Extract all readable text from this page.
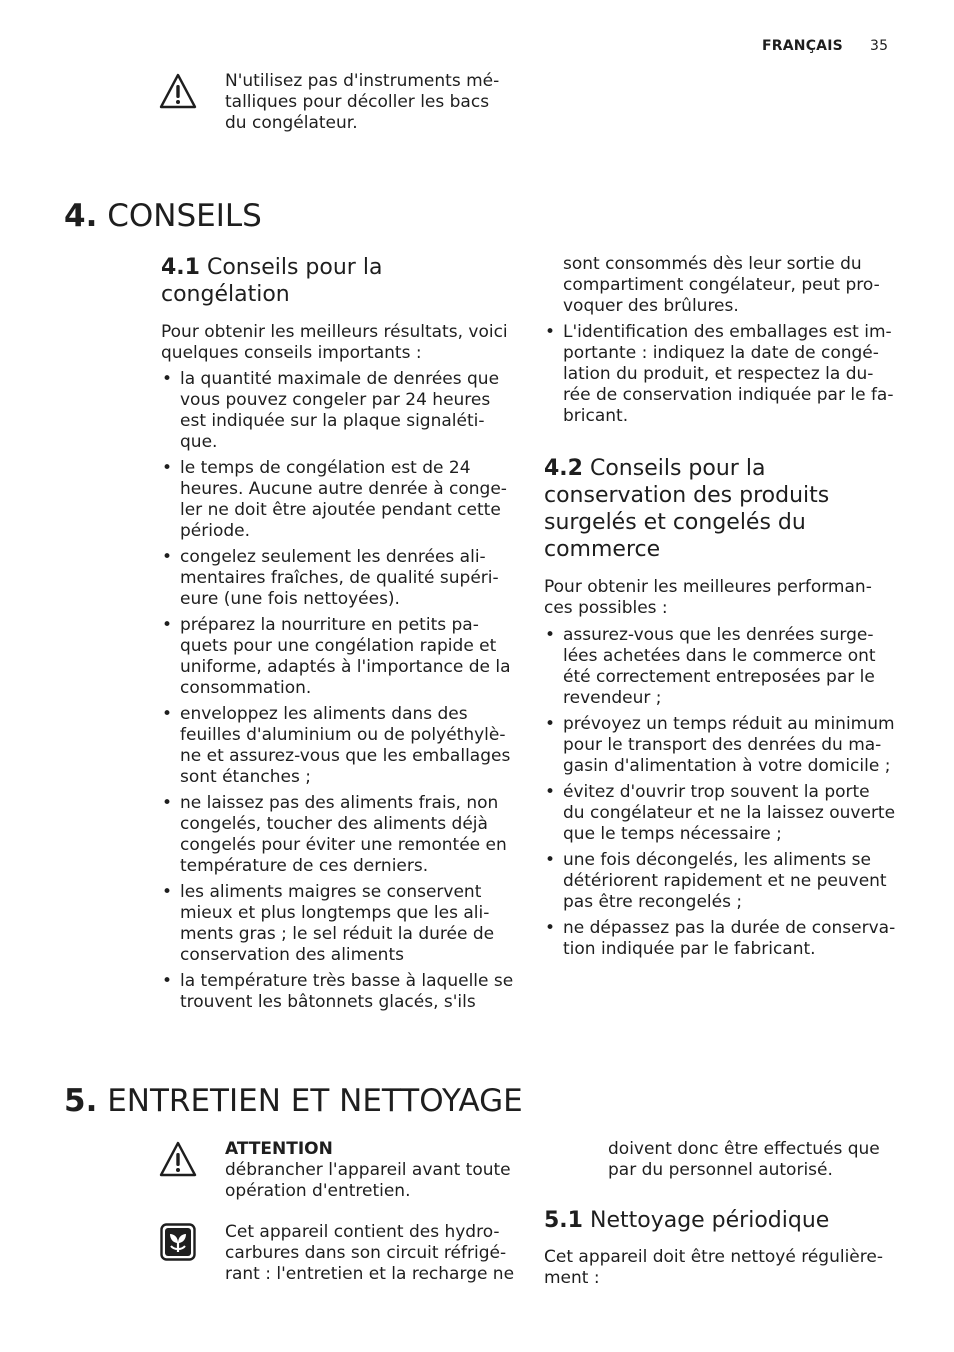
FRANÇAIS 35
N'utilisez pas d'instruments mé-
talliques pour décoller les bacs
du congélateur.
4. CONSEILS
4.1 Conseils pour la
congélation
Pour obtenir les meilleurs résultats, voici
quelques conseils importants :
• la quantité maximale de denrées que
vous pouvez congeler par 24 heures
est indiquée sur la plaque signaléti-
que.
• le temps de congélation est de 24
heures. Aucune autre denrée à conge-
ler ne doit être ajoutée pendant cette
période.
• congelez seulement les denrées ali-
mentaires fraîches, de qualité supéri-
eure (une fois nettoyées).
• préparez la nourriture en petits pa-
quets pour une congélation rapide et
uniforme, adaptés à l'importance de la
consommation.
• enveloppez les aliments dans des
feuilles d'aluminium ou de polyéthylè-
ne et assurez-vous que les emballages
sont étanches ;
• ne laissez pas des aliments frais, non
congelés, toucher des aliments déjà
congelés pour éviter une remontée en
température de ces derniers.
• les aliments maigres se conservent
mieux et plus longtemps que les ali-
ments gras ; le sel réduit la durée de
conservation des aliments
• la température très basse à laquelle se
trouvent les bâtonnets glacés, s'ils
sont consommés dès leur sortie du
compartiment congélateur, peut pro-
voquer des brûlures.
• L'identification des emballages est im-
portante : indiquez la date de congé-
lation du produit, et respectez la du-
rée de conservation indiquée par le fa-
bricant.
4.2 Conseils pour la
conservation des produits
surgelés et congelés du
commerce
Pour obtenir les meilleures performan-
ces possibles :
• assurez-vous que les denrées surge-
lées achetées dans le commerce ont
été correctement entreposées par le
revendeur ;
• prévoyez un temps réduit au minimum
pour le transport des denrées du ma-
gasin d'alimentation à votre domicile ;
• évitez d'ouvrir trop souvent la porte
du congélateur et ne la laissez ouverte
que le temps nécessaire ;
• une fois décongelés, les aliments se
détériorent rapidement et ne peuvent
pas être recongelés ;
• ne dépassez pas la durée de conserva-
tion indiquée par le fabricant.
5. ENTRETIEN ET NETTOYAGE
ATTENTION
débrancher l'appareil avant toute
opération d'entretien.
Cet appareil contient des hydro-
carbures dans son circuit réfrigé-
rant : l'entretien et la recharge ne
doivent donc être effectués que
par du personnel autorisé.
5.1 Nettoyage périodique
Cet appareil doit être nettoyé régulière-
ment :
